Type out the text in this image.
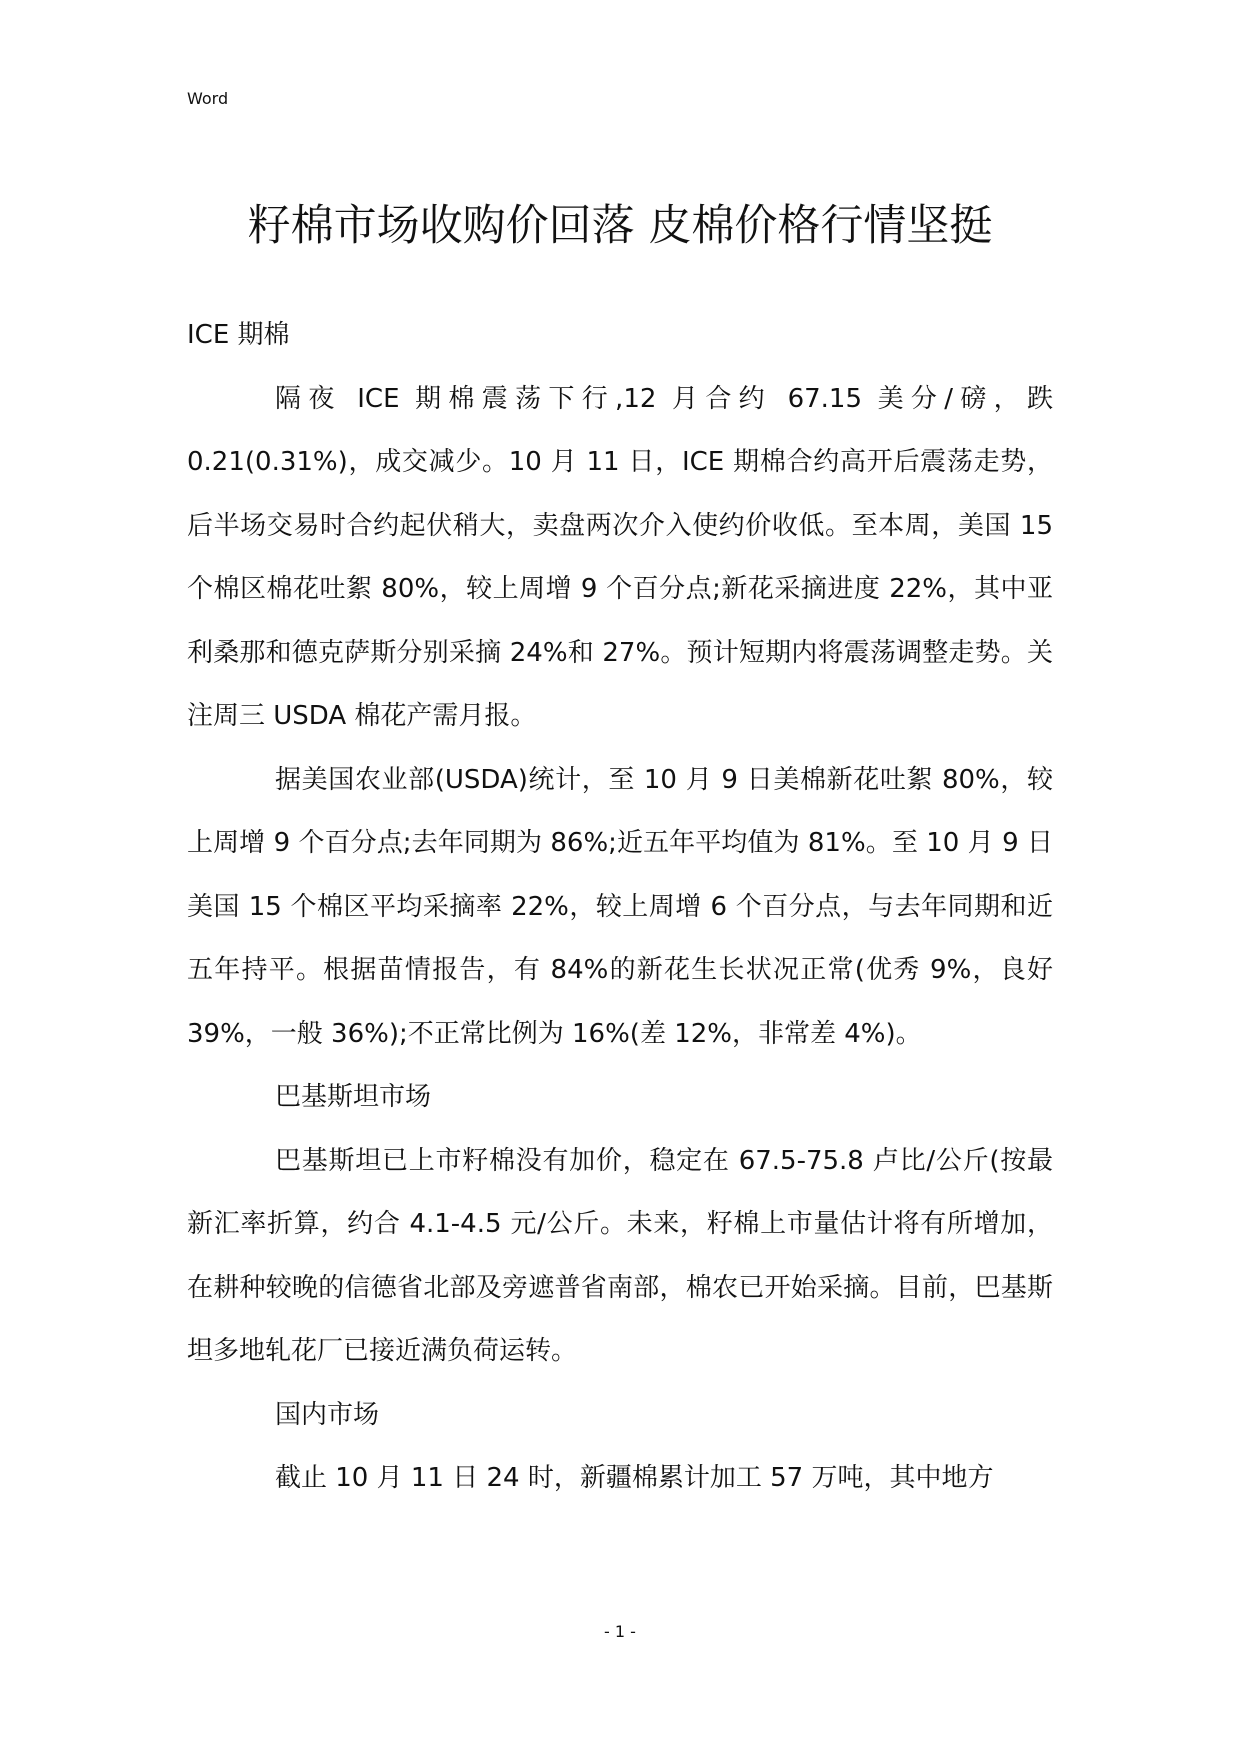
Word
籽棉市场收购价回落 皮棉价格行情坚挺

ICE 期棉

隔夜 ICE 期棉震荡下行,12 月合约 67.15 美分/磅，跌 0.21(0.31%)，成交减少。10 月 11 日，ICE 期棉合约高开后震荡走势，后半场交易时合约起伏稍大，卖盘两次介入使约价收低。至本周，美国 15 个棉区棉花吐絮 80%，较上周增 9 个百分点;新花采摘进度 22%，其中亚利桑那和德克萨斯分别采摘 24%和 27%。预计短期内将震荡调整走势。关注周三 USDA 棉花产需月报。

据美国农业部(USDA)统计，至 10 月 9 日美棉新花吐絮 80%，较上周增 9 个百分点;去年同期为 86%;近五年平均值为 81%。至 10 月 9 日美国 15 个棉区平均采摘率 22%，较上周增 6 个百分点，与去年同期和近五年持平。根据苗情报告，有 84%的新花生长状况正常(优秀 9%，良好 39%，一般 36%);不正常比例为 16%(差 12%，非常差 4%)。

巴基斯坦市场

巴基斯坦已上市籽棉没有加价，稳定在 67.5-75.8 卢比/公斤(按最新汇率折算，约合 4.1-4.5 元/公斤。未来，籽棉上市量估计将有所增加，在耕种较晚的信德省北部及旁遮普省南部，棉农已开始采摘。目前，巴基斯坦多地轧花厂已接近满负荷运转。

国内市场

截止 10 月 11 日 24 时，新疆棉累计加工 57 万吨，其中地方

- 1 -
